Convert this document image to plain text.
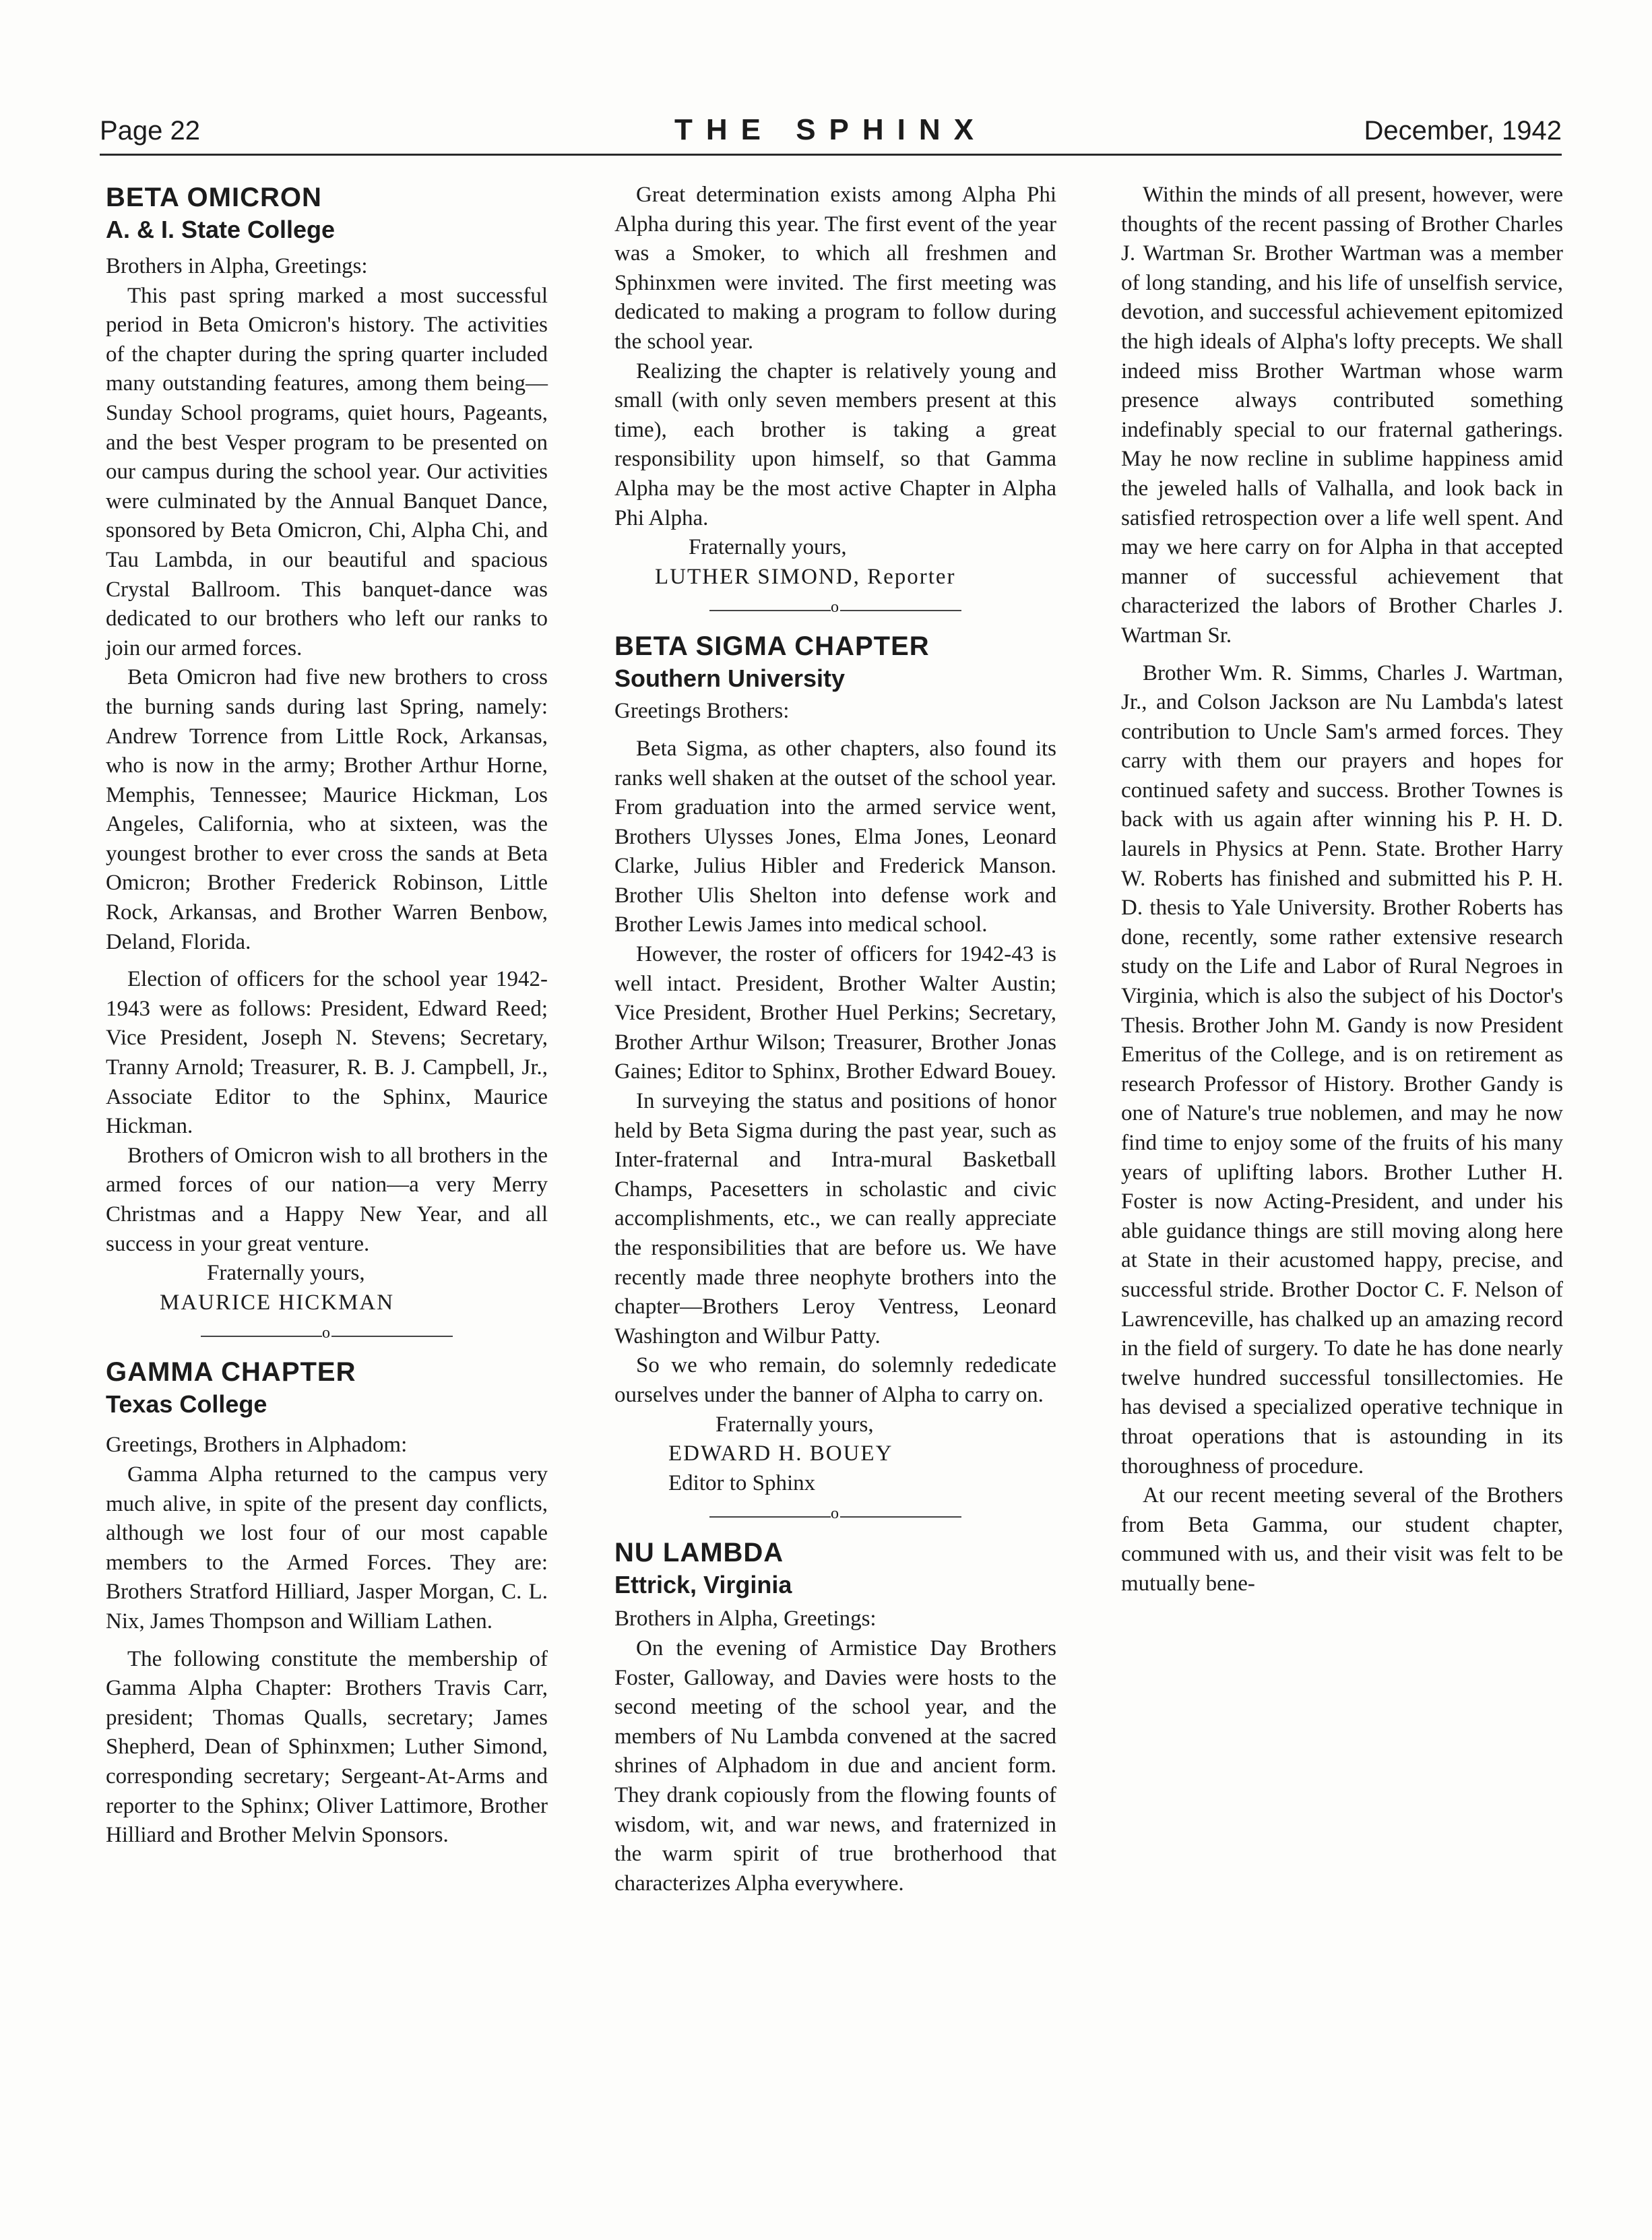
Page 22	THE SPHINX	December, 1942
BETA OMICRON
A. & I. State College

Brothers in Alpha, Greetings:

This past spring marked a most successful period in Beta Omicron's history. The activities of the chapter during the spring quarter included many outstanding features, among them being—Sunday School programs, quiet hours, Pageants, and the best Vesper program to be presented on our campus during the school year. Our activities were culminated by the Annual Banquet Dance, sponsored by Beta Omicron, Chi, Alpha Chi, and Tau Lambda, in our beautiful and spacious Crystal Ballroom. This banquet-dance was dedicated to our brothers who left our ranks to join our armed forces.

Beta Omicron had five new brothers to cross the burning sands during last Spring, namely: Andrew Torrence from Little Rock, Arkansas, who is now in the army; Brother Arthur Horne, Memphis, Tennessee; Maurice Hickman, Los Angeles, California, who at sixteen, was the youngest brother to ever cross the sands at Beta Omicron; Brother Frederick Robinson, Little Rock, Arkansas, and Brother Warren Benbow, Deland, Florida.

Election of officers for the school year 1942-1943 were as follows: President, Edward Reed; Vice President, Joseph N. Stevens; Secretary, Tranny Arnold; Treasurer, R. B. J. Campbell, Jr., Associate Editor to the Sphinx, Maurice Hickman.

Brothers of Omicron wish to all brothers in the armed forces of our nation—a very Merry Christmas and a Happy New Year, and all success in your great venture.

Fraternally yours,

MAURICE HICKMAN

o
GAMMA CHAPTER
Texas College

Greetings, Brothers in Alphadom:

Gamma Alpha returned to the campus very much alive, in spite of the present day conflicts, although we lost four of our most capable members to the Armed Forces. They are: Brothers Stratford Hilliard, Jasper Morgan, C. L. Nix, James Thompson and William Lathen.

The following constitute the membership of Gamma Alpha Chapter: Brothers Travis Carr, president; Thomas Qualls, secretary; James Shepherd, Dean of Sphinxmen; Luther Simond, corresponding secretary; Sergeant-At-Arms and reporter to the Sphinx; Oliver Lattimore, Brother Hilliard and Brother Melvin Sponsors.

Great determination exists among Alpha Phi Alpha during this year. The first event of the year was a Smoker, to which all freshmen and Sphinxmen were invited. The first meeting was dedicated to making a program to follow during the school year.

Realizing the chapter is relatively young and small (with only seven members present at this time), each brother is taking a great responsibility upon himself, so that Gamma Alpha may be the most active Chapter in Alpha Phi Alpha.

Fraternally yours,

LUTHER SIMOND, Reporter

o
BETA SIGMA CHAPTER
Southern University

Greetings Brothers:

Beta Sigma, as other chapters, also found its ranks well shaken at the outset of the school year. From graduation into the armed service went, Brothers Ulysses Jones, Elma Jones, Leonard Clarke, Julius Hibler and Frederick Manson. Brother Ulis Shelton into defense work and Brother Lewis James into medical school.

However, the roster of officers for 1942-43 is well intact. President, Brother Walter Austin; Vice President, Brother Huel Perkins; Secretary, Brother Arthur Wilson; Treasurer, Brother Jonas Gaines; Editor to Sphinx, Brother Edward Bouey.

In surveying the status and positions of honor held by Beta Sigma during the past year, such as Inter-fraternal and Intra-mural Basketball Champs, Pacesetters in scholastic and civic accomplishments, etc., we can really appreciate the responsibilities that are before us. We have recently made three neophyte brothers into the chapter—Brothers Leroy Ventress, Leonard Washington and Wilbur Patty.

So we who remain, do solemnly rededicate ourselves under the banner of Alpha to carry on.

Fraternally yours,

EDWARD H. BOUEY

Editor to Sphinx

o
NU LAMBDA
Ettrick, Virginia

Brothers in Alpha, Greetings:

On the evening of Armistice Day Brothers Foster, Galloway, and Davies were hosts to the second meeting of the school year, and the members of Nu Lambda convened at the sacred shrines of Alphadom in due and ancient form. They drank copiously from the flowing founts of wisdom, wit, and war news, and fraternized in the warm spirit of true brotherhood that characterizes Alpha everywhere.

Within the minds of all present, however, were thoughts of the recent passing of Brother Charles J. Wartman Sr. Brother Wartman was a member of long standing, and his life of unselfish service, devotion, and successful achievement epitomized the high ideals of Alpha's lofty precepts. We shall indeed miss Brother Wartman whose warm presence always contributed something indefinably special to our fraternal gatherings. May he now recline in sublime happiness amid the jeweled halls of Valhalla, and look back in satisfied retrospection over a life well spent. And may we here carry on for Alpha in that accepted manner of successful achievement that characterized the labors of Brother Charles J. Wartman Sr.

Brother Wm. R. Simms, Charles J. Wartman, Jr., and Colson Jackson are Nu Lambda's latest contribution to Uncle Sam's armed forces. They carry with them our prayers and hopes for continued safety and success. Brother Townes is back with us again after winning his P. H. D. laurels in Physics at Penn. State. Brother Harry W. Roberts has finished and submitted his P. H. D. thesis to Yale University. Brother Roberts has done, recently, some rather extensive research study on the Life and Labor of Rural Negroes in Virginia, which is also the subject of his Doctor's Thesis. Brother John M. Gandy is now President Emeritus of the College, and is on retirement as research Professor of History. Brother Gandy is one of Nature's true noblemen, and may he now find time to enjoy some of the fruits of his many years of uplifting labors. Brother Luther H. Foster is now Acting-President, and under his able guidance things are still moving along here at State in their acustomed happy, precise, and successful stride. Brother Doctor C. F. Nelson of Lawrenceville, has chalked up an amazing record in the field of surgery. To date he has done nearly twelve hundred successful tonsillectomies. He has devised a specialized operative technique in throat operations that is astounding in its thoroughness of procedure.

At our recent meeting several of the Brothers from Beta Gamma, our student chapter, communed with us, and their visit was felt to be mutually bene-
